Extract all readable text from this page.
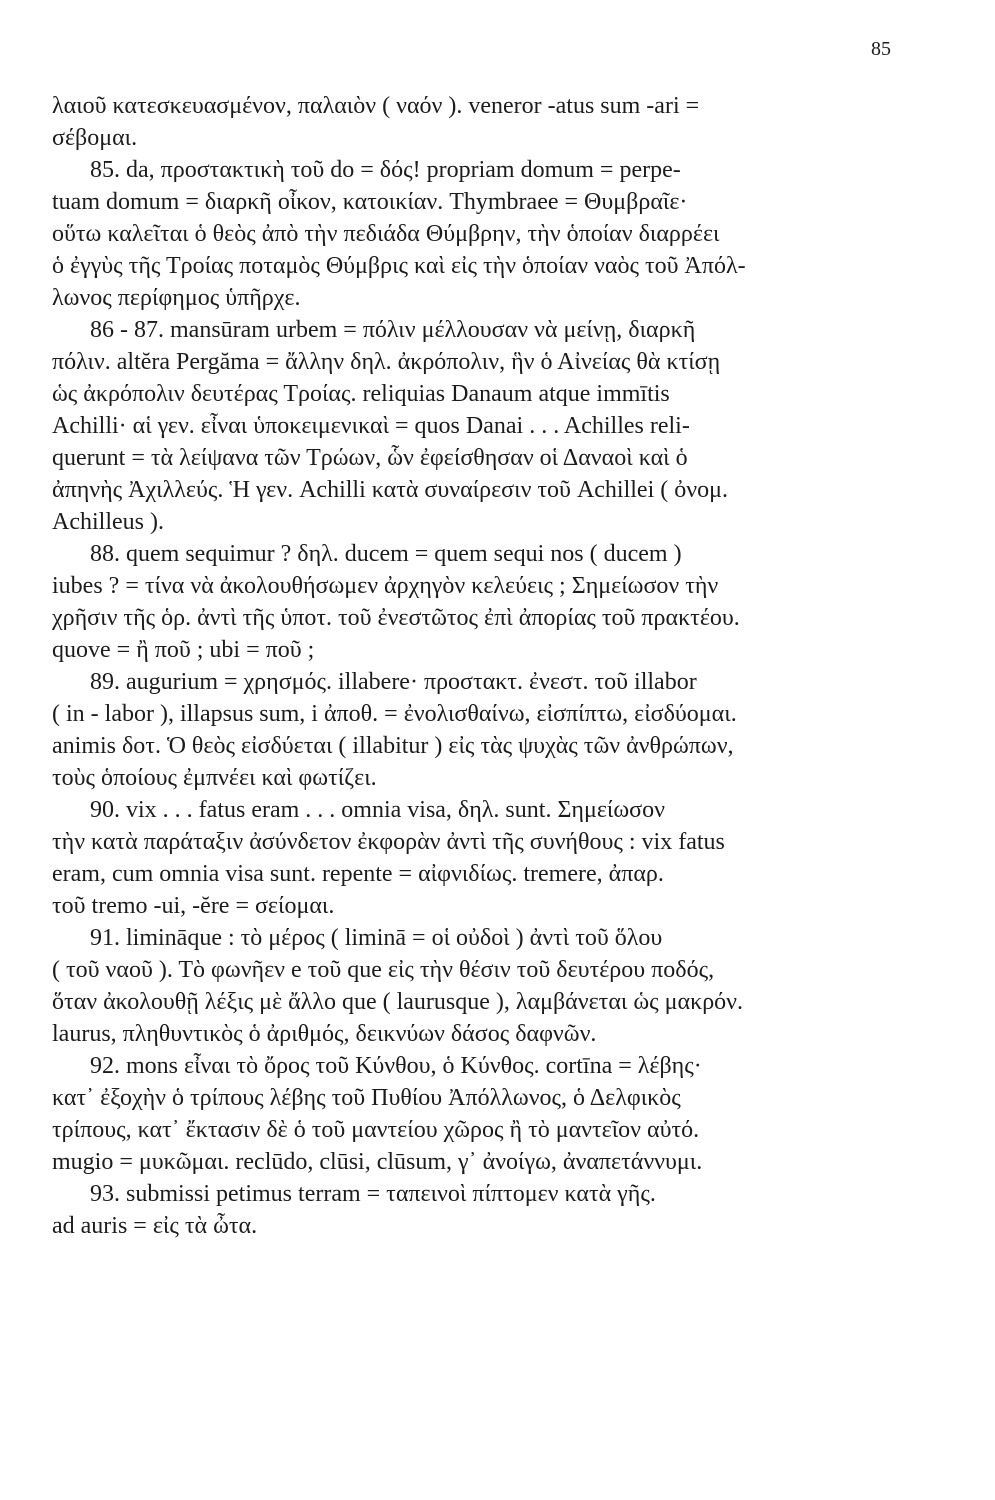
85
λαιοῦ κατεσκευασμένον, παλαιὸν ( ναόν ). veneror -atus sum -ari =
σέβομαι.
85. da, προστακτικὴ τοῦ do = δός! propriam domum = perpe-
tuam domum = διαρκῆ οἶκον, κατοικίαν. Thymbraee = Θυμβραῖε·
οὕτω καλεῖται ὁ θεὸς ἀπὸ τὴν πεδιάδα Θύμβρην, τὴν ὁποίαν διαρρέει
ὁ ἐγγὺς τῆς Τροίας ποταμὸς Θύμβρις καὶ εἰς τὴν ὁποίαν ναὸς τοῦ Ἀπόλ-
λωνος περίφημος ὑπῆρχε.
86 - 87. mansūram urbem = πόλιν μέλλουσαν νὰ μείνῃ, διαρκῆ
πόλιν. altĕra Pergăma = ἄλλην δηλ. ἀκρόπολιν, ἣν ὁ Αἰνείας θὰ κτίσῃ
ὡς ἀκρόπολιν δευτέρας Τροίας. reliquias Danaum atque immītis
Achilli· αἱ γεν. εἶναι ὑποκειμενικαὶ = quos Danai . . . Achilles reli-
querunt = τὰ λείψανα τῶν Τρώων, ὧν ἐφείσθησαν οἱ Δαναοὶ καὶ ὁ
ἀπηνὴς Ἀχιλλεύς. Ἡ γεν. Achilli κατὰ συναίρεσιν τοῦ Achillei ( ὀνομ.
Achilleus ).
88. quem sequimur ? δηλ. ducem = quem sequi nos ( ducem )
iubes ? = τίνα νὰ ἀκολουθήσωμεν ἀρχηγὸν κελεύεις ; Σημείωσον τὴν
χρῆσιν τῆς ὁρ. ἀντὶ τῆς ὑποτ. τοῦ ἐνεστῶτος ἐπὶ ἀπορίας τοῦ πρακτέου.
quove = ἢ ποῦ ; ubi = ποῦ ;
89. augurium = χρησμός. illabere· προστακτ. ἐνεστ. τοῦ illabor
( in - labor ), illapsus sum, i ἀποθ. = ἐνολισθαίνω, εἰσπίπτω, εἰσδύομαι.
animis δοτ. Ὁ θεὸς εἰσδύεται ( illabitur ) εἰς τὰς ψυχὰς τῶν ἀνθρώπων,
τοὺς ὁποίους ἐμπνέει καὶ φωτίζει.
90. vix . . . fatus eram . . . omnia visa, δηλ. sunt. Σημείωσον
τὴν κατὰ παράταξιν ἀσύνδετον ἐκφορὰν ἀντὶ τῆς συνήθους : vix fatus
eram, cum omnia visa sunt. repente = αἰφνιδίως. tremere, ἀπαρ.
τοῦ tremo -ui, -ĕre = σείομαι.
91. limināque : τὸ μέρος ( liminā = οἱ οὐδοὶ ) ἀντὶ τοῦ ὅλου
( τοῦ ναοῦ ). Τὸ φωνῆεν e τοῦ que εἰς τὴν θέσιν τοῦ δευτέρου ποδός,
ὅταν ἀκολουθῇ λέξις μὲ ἄλλο que ( laurusque ), λαμβάνεται ὡς μακρόν.
laurus, πληθυντικὸς ὁ ἀριθμός, δεικνύων δάσος δαφνῶν.
92. mons εἶναι τὸ ὄρος τοῦ Κύνθου, ὁ Κύνθος. cortīna = λέβης·
κατ᾽ ἐξοχὴν ὁ τρίπους λέβης τοῦ Πυθίου Ἀπόλλωνος, ὁ Δελφικὸς
τρίπους, κατ᾽ ἔκτασιν δὲ ὁ τοῦ μαντείου χῶρος ἢ τὸ μαντεῖον αὐτό.
mugio = μυκῶμαι. reclūdo, clūsi, clūsum, γ᾽ ἀνοίγω, ἀναπετάννυμι.
93. submissi petimus terram = ταπεινοὶ πίπτομεν κατὰ γῆς.
ad auris = εἰς τὰ ὦτα.
